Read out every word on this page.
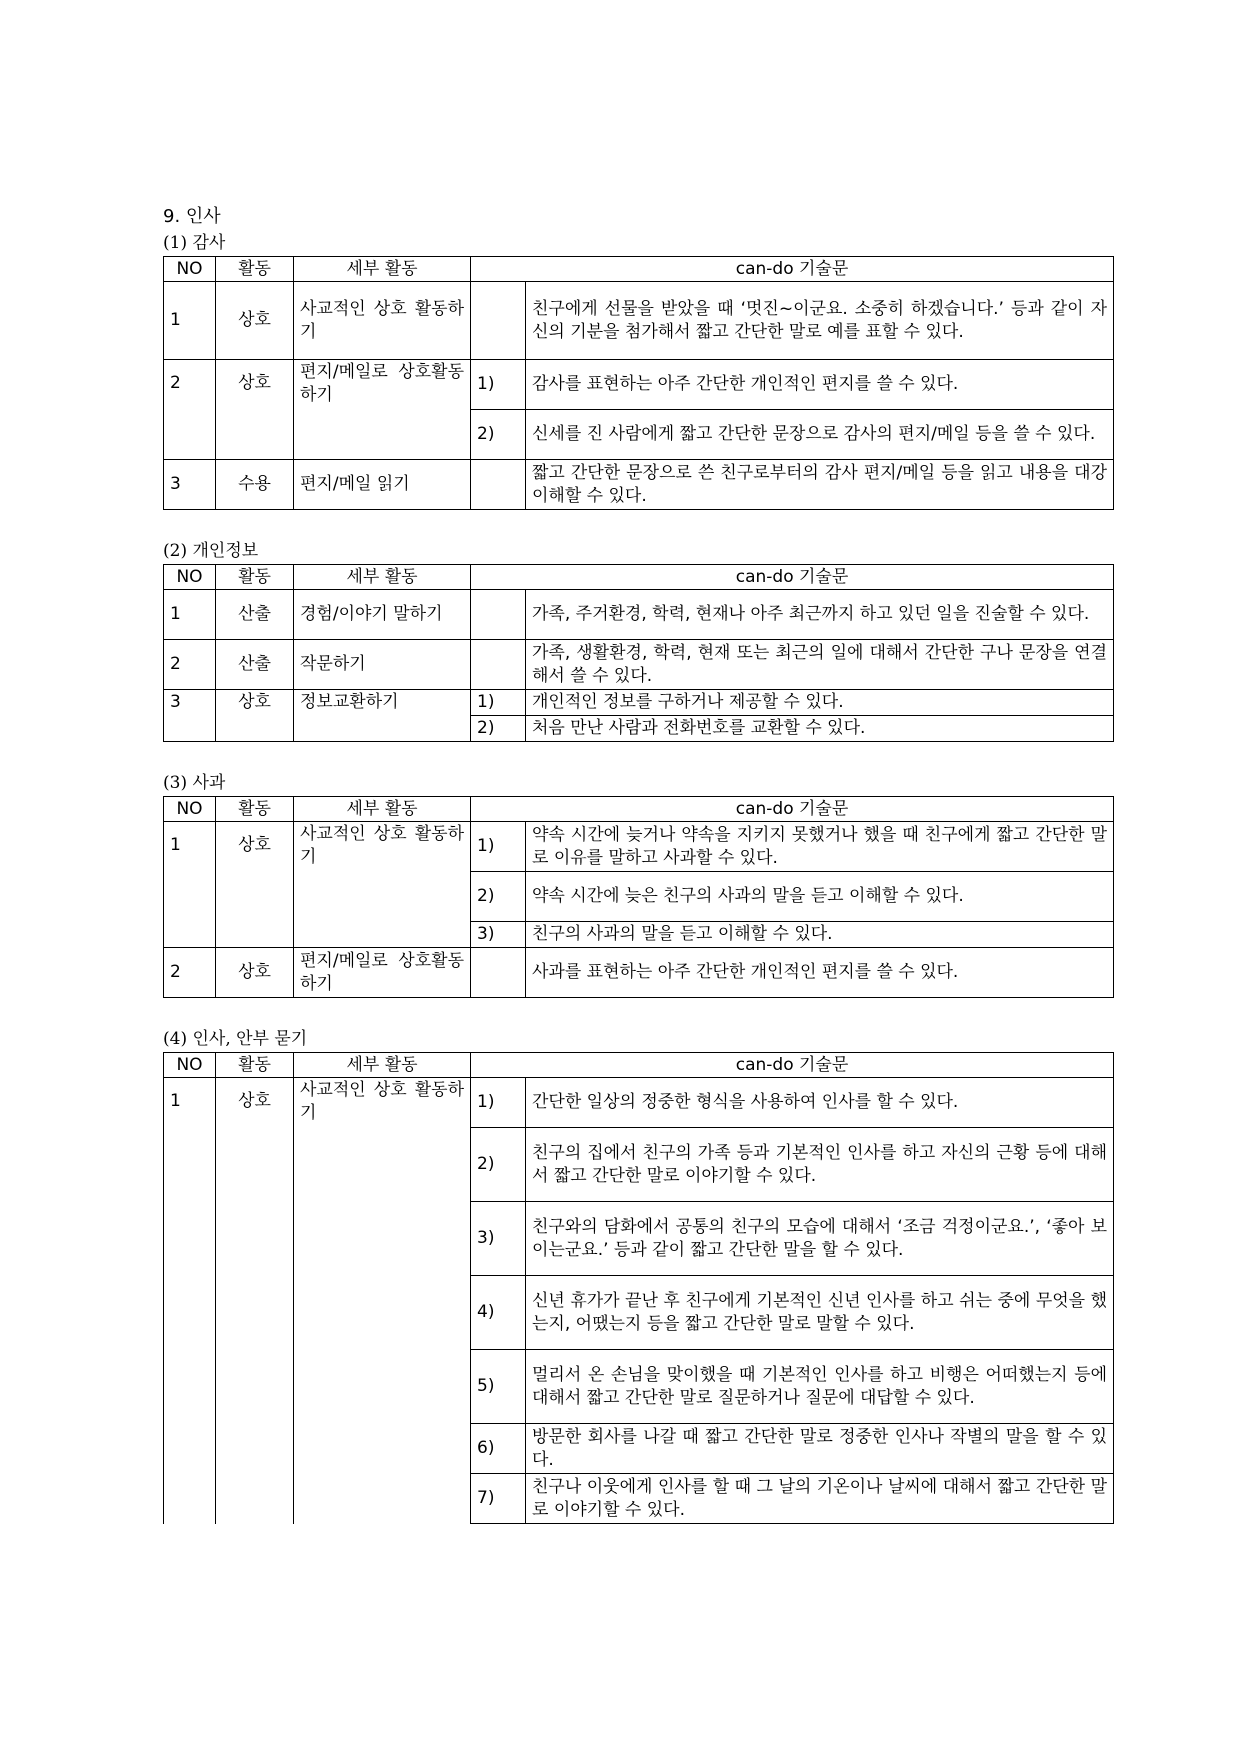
9. 인사
(1) 감사
NO	활동	세부 활동	can-do 기술문	
1	상호	사교적인 상호 활동하기		친구에게 선물을 받았을 때 ‘멋진~이군요. 소중히 하겠습니다.’ 등과 같이 자신의 기분을 첨가해서 짧고 간단한 말로 예를 표할 수 있다.
2	상호	편지/메일로 상호활동하기	1)	감사를 표현하는 아주 간단한 개인적인 편지를 쓸 수 있다.
			2)	신세를 진 사람에게 짧고 간단한 문장으로 감사의 편지/메일 등을 쓸 수 있다.
3	수용	편지/메일 읽기		짧고 간단한 문장으로 쓴 친구로부터의 감사 편지/메일 등을 읽고 내용을 대강 이해할 수 있다.
(2) 개인정보
NO	활동	세부 활동	can-do 기술문	
1	산출	경험/이야기 말하기		가족, 주거환경, 학력, 현재나 아주 최근까지 하고 있던 일을 진술할 수 있다.
2	산출	작문하기		가족, 생활환경, 학력, 현재 또는 최근의 일에 대해서 간단한 구나 문장을 연결해서 쓸 수 있다.
3	상호	정보교환하기	1)	개인적인 정보를 구하거나 제공할 수 있다.
			2)	처음 만난 사람과 전화번호를 교환할 수 있다.
(3) 사과
NO	활동	세부 활동	can-do 기술문	
1	상호	사교적인 상호 활동하기	1)	약속 시간에 늦거나 약속을 지키지 못했거나 했을 때 친구에게 짧고 간단한 말로 이유를 말하고 사과할 수 있다.
			2)	약속 시간에 늦은 친구의 사과의 말을 듣고 이해할 수 있다.
			3)	친구의 사과의 말을 듣고 이해할 수 있다.
2	상호	편지/메일로 상호활동하기		사과를 표현하는 아주 간단한 개인적인 편지를 쓸 수 있다.
(4) 인사, 안부 묻기
NO	활동	세부 활동	can-do 기술문	
1	상호	사교적인 상호 활동하기	1)	간단한 일상의 정중한 형식을 사용하여 인사를 할 수 있다.
			2)	친구의 집에서 친구의 가족 등과 기본적인 인사를 하고 자신의 근황 등에 대해서 짧고 간단한 말로 이야기할 수 있다.
			3)	친구와의 담화에서 공통의 친구의 모습에 대해서 ‘조금 걱정이군요.’, ‘좋아 보이는군요.’ 등과 같이 짧고 간단한 말을 할 수 있다.
			4)	신년 휴가가 끝난 후 친구에게 기본적인 신년 인사를 하고 쉬는 중에 무엇을 했는지, 어땠는지 등을 짧고 간단한 말로 말할 수 있다.
			5)	멀리서 온 손님을 맞이했을 때 기본적인 인사를 하고 비행은 어떠했는지 등에 대해서 짧고 간단한 말로 질문하거나 질문에 대답할 수 있다.
			6)	방문한 회사를 나갈 때 짧고 간단한 말로 정중한 인사나 작별의 말을 할 수 있다.
			7)	친구나 이웃에게 인사를 할 때 그 날의 기온이나 날씨에 대해서 짧고 간단한 말로 이야기할 수 있다.
